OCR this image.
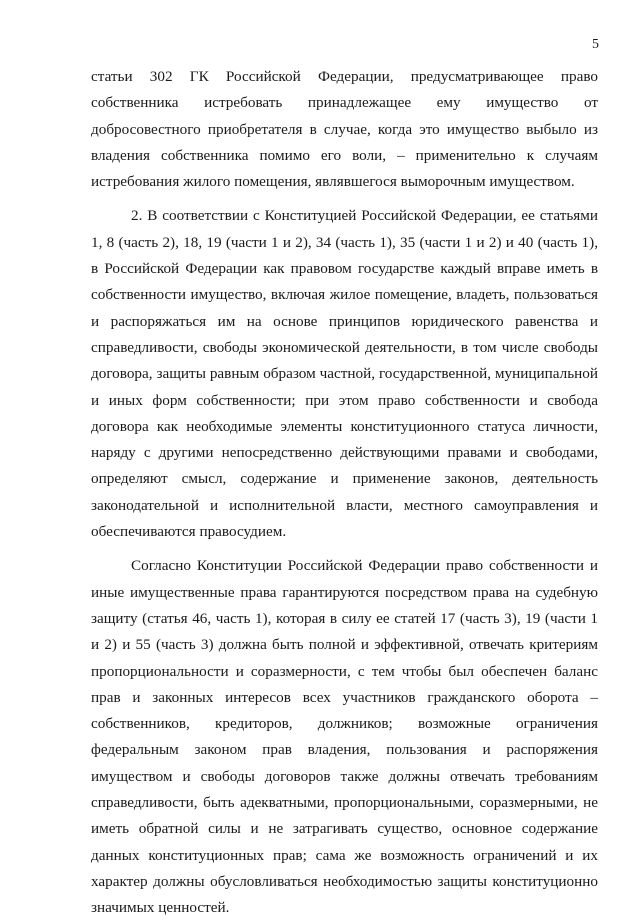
5

статьи 302 ГК Российской Федерации, предусматривающее право собственника истребовать принадлежащее ему имущество от добросовестного приобретателя в случае, когда это имущество выбыло из владения собственника помимо его воли, – применительно к случаям истребования жилого помещения, являвшегося выморочным имуществом.

2. В соответствии с Конституцией Российской Федерации, ее статьями 1, 8 (часть 2), 18, 19 (части 1 и 2), 34 (часть 1), 35 (части 1 и 2) и 40 (часть 1), в Российской Федерации как правовом государстве каждый вправе иметь в собственности имущество, включая жилое помещение, владеть, пользоваться и распоряжаться им на основе принципов юридического равенства и справедливости, свободы экономической деятельности, в том числе свободы договора, защиты равным образом частной, государственной, муниципальной и иных форм собственности; при этом право собственности и свобода договора как необходимые элементы конституционного статуса личности, наряду с другими непосредственно действующими правами и свободами, определяют смысл, содержание и применение законов, деятельность законодательной и исполнительной власти, местного самоуправления и обеспечиваются правосудием.

Согласно Конституции Российской Федерации право собственности и иные имущественные права гарантируются посредством права на судебную защиту (статья 46, часть 1), которая в силу ее статей 17 (часть 3), 19 (части 1 и 2) и 55 (часть 3) должна быть полной и эффективной, отвечать критериям пропорциональности и соразмерности, с тем чтобы был обеспечен баланс прав и законных интересов всех участников гражданского оборота – собственников, кредиторов, должников; возможные ограничения федеральным законом прав владения, пользования и распоряжения имуществом и свободы договоров также должны отвечать требованиям справедливости, быть адекватными, пропорциональными, соразмерными, не иметь обратной силы и не затрагивать существо, основное содержание данных конституционных прав; сама же возможность ограничений и их характер должны обусловливаться необходимостью защиты конституционно значимых ценностей.
